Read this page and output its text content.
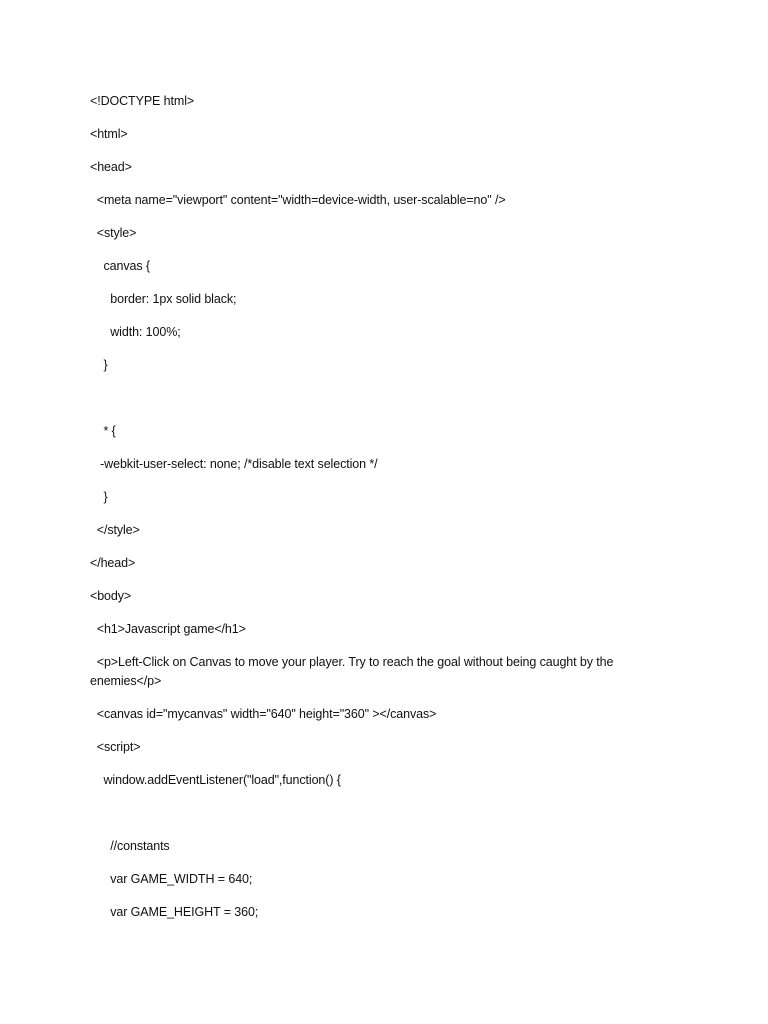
<!DOCTYPE html>
<html>
<head>
<meta name="viewport" content="width=device-width, user-scalable=no" />
<style>
canvas {
border: 1px solid black;
width: 100%;
}
* {
-webkit-user-select: none; /*disable text selection */
}
</style>
</head>
<body>
<h1>Javascript game</h1>
<p>Left-Click on Canvas to move your player. Try to reach the goal without being caught by the enemies</p>
<canvas id="mycanvas" width="640" height="360" ></canvas>
<script>
window.addEventListener("load",function() {
//constants
var GAME_WIDTH = 640;
var GAME_HEIGHT = 360;
